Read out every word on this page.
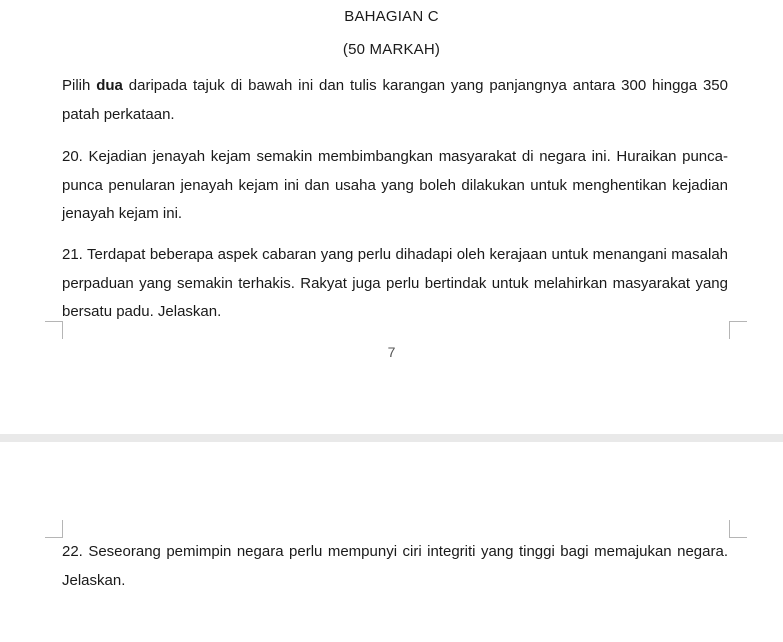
BAHAGIAN C
(50 MARKAH)
Pilih dua daripada tajuk di bawah ini dan tulis karangan yang panjangnya antara 300 hingga 350 patah perkataan.
20. Kejadian jenayah kejam semakin membimbangkan masyarakat di negara ini. Huraikan punca-punca penularan jenayah kejam ini dan usaha yang boleh dilakukan untuk menghentikan kejadian jenayah kejam ini.
21. Terdapat beberapa aspek cabaran yang perlu dihadapi oleh kerajaan untuk menangani masalah perpaduan yang semakin terhakis. Rakyat juga perlu bertindak untuk melahirkan masyarakat yang bersatu padu. Jelaskan.
7
22. Seseorang pemimpin negara perlu mempunyi ciri integriti yang tinggi bagi memajukan negara. Jelaskan.
